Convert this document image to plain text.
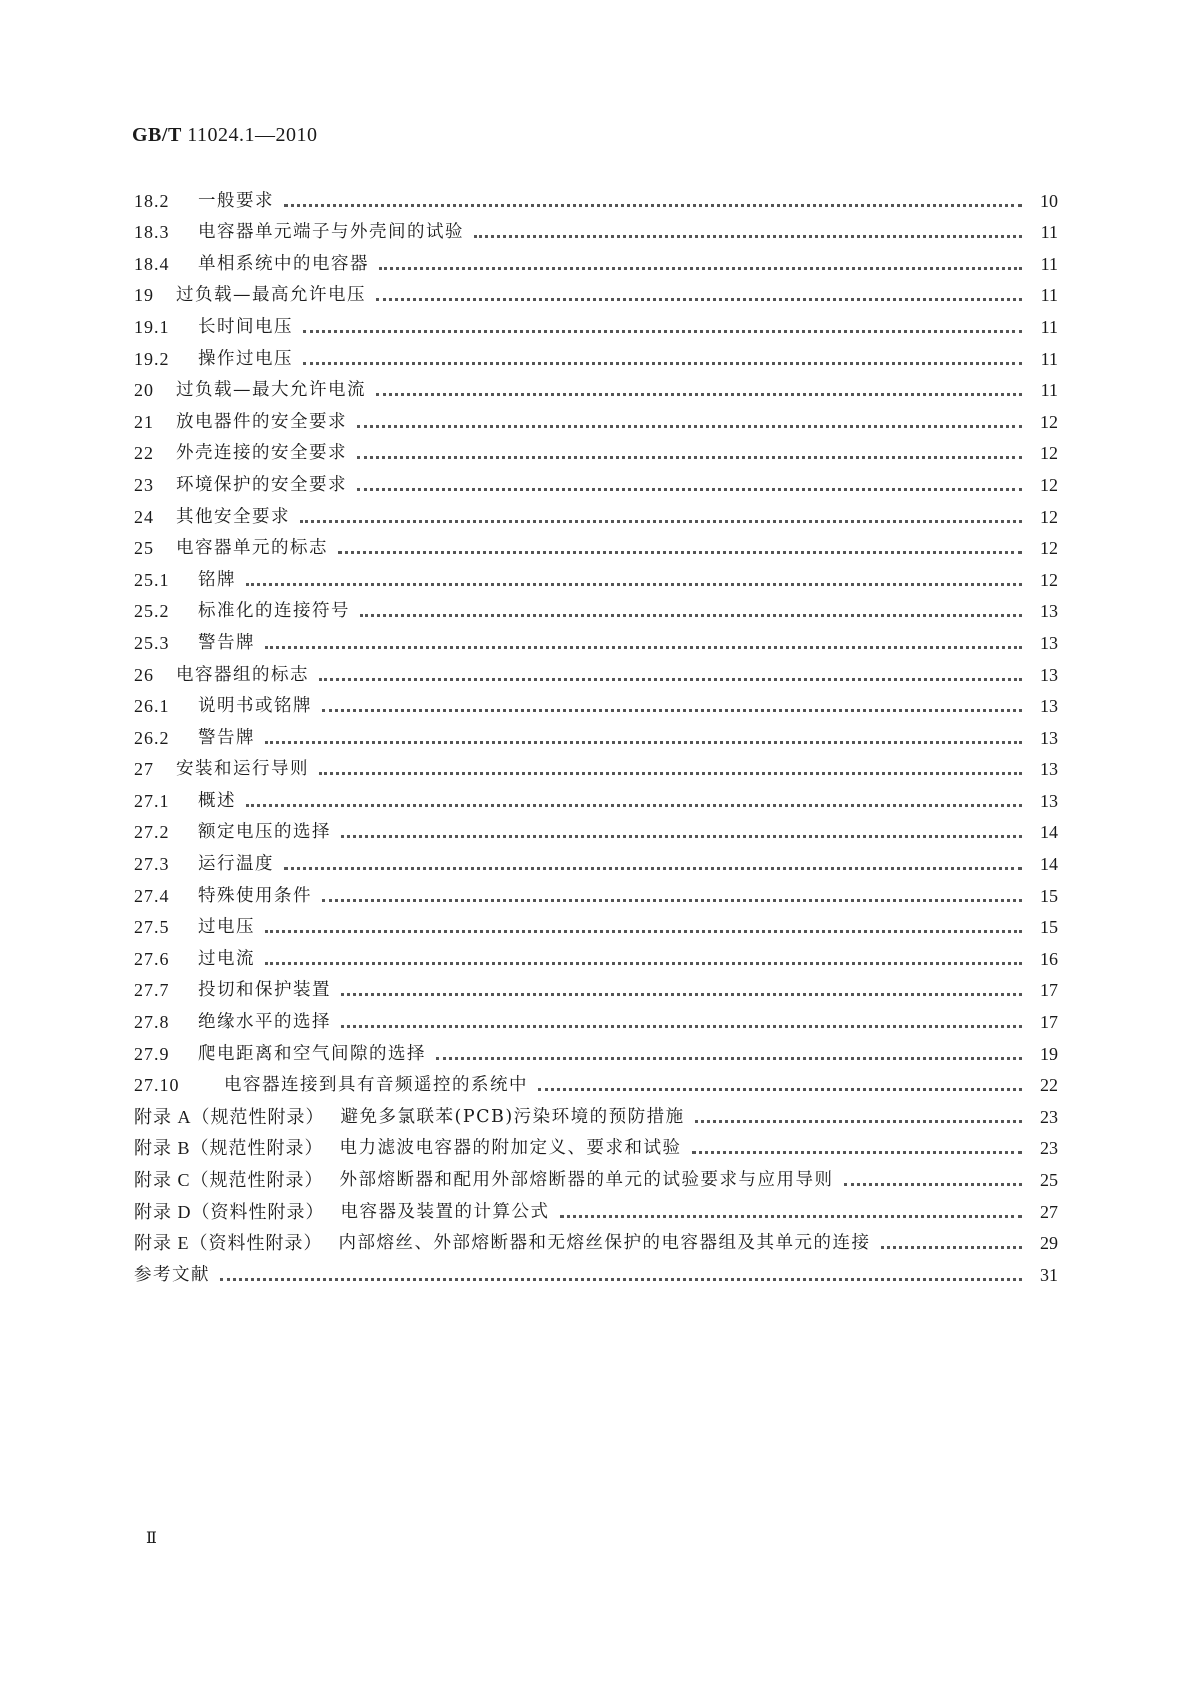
GB/T 11024.1—2010
18.2	一般要求	10
18.3	电容器单元端子与外壳间的试验	11
18.4	单相系统中的电容器	11
19	过负载—最高允许电压	11
19.1	长时间电压	11
19.2	操作过电压	11
20	过负载—最大允许电流	11
21	放电器件的安全要求	12
22	外壳连接的安全要求	12
23	环境保护的安全要求	12
24	其他安全要求	12
25	电容器单元的标志	12
25.1	铭牌	12
25.2	标准化的连接符号	13
25.3	警告牌	13
26	电容器组的标志	13
26.1	说明书或铭牌	13
26.2	警告牌	13
27	安装和运行导则	13
27.1	概述	13
27.2	额定电压的选择	14
27.3	运行温度	14
27.4	特殊使用条件	15
27.5	过电压	15
27.6	过电流	16
27.7	投切和保护装置	17
27.8	绝缘水平的选择	17
27.9	爬电距离和空气间隙的选择	19
27.10	电容器连接到具有音频遥控的系统中	22
附录 A（规范性附录） 避免多氯联苯(PCB)污染环境的预防措施	23
附录 B（规范性附录） 电力滤波电容器的附加定义、要求和试验	23
附录 C（规范性附录） 外部熔断器和配用外部熔断器的单元的试验要求与应用导则	25
附录 D（资料性附录） 电容器及装置的计算公式	27
附录 E（资料性附录） 内部熔丝、外部熔断器和无熔丝保护的电容器组及其单元的连接	29
参考文献	31
Ⅱ
